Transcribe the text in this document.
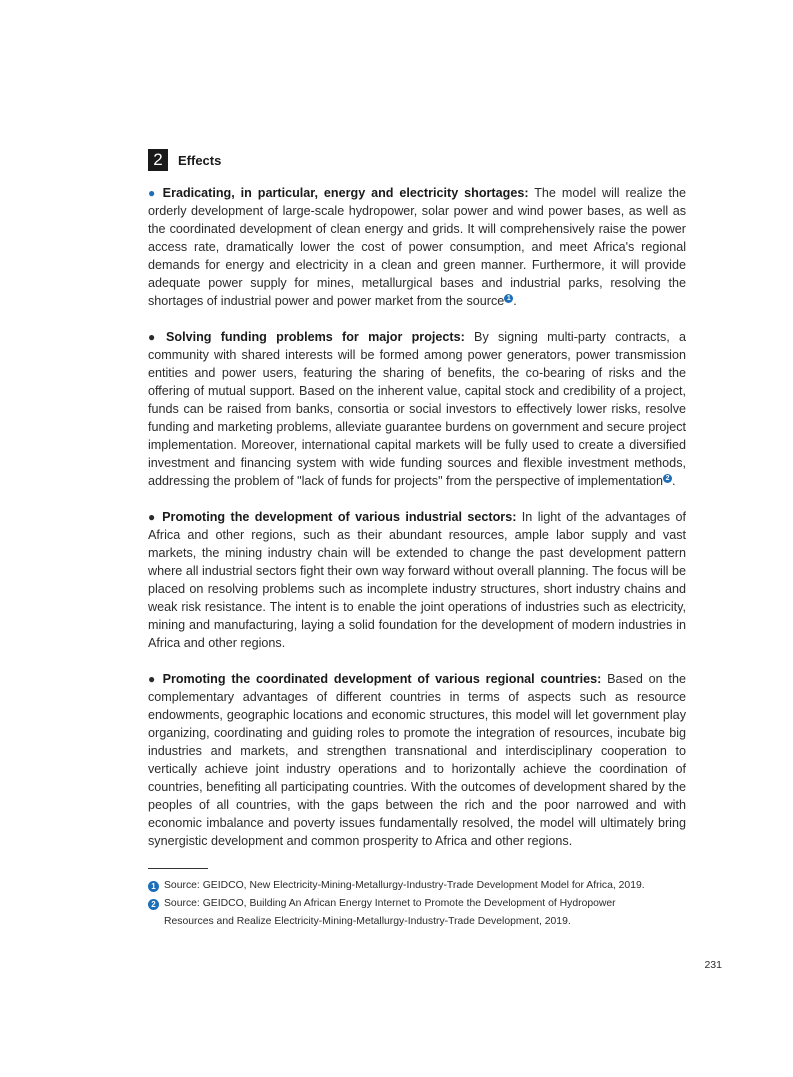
2	Effects

● Eradicating, in particular, energy and electricity shortages: The model will realize the orderly development of large-scale hydropower, solar power and wind power bases, as well as the coordinated development of clean energy and grids. It will comprehensively raise the power access rate, dramatically lower the cost of power consumption, and meet Africa's regional demands for energy and electricity in a clean and green manner. Furthermore, it will provide adequate power supply for mines, metallurgical bases and industrial parks, resolving the shortages of industrial power and power market from the source 1 .

● Solving funding problems for major projects: By signing multi-party contracts, a community with shared interests will be formed among power generators, power transmission entities and power users, featuring the sharing of benefits, the co-bearing of risks and the offering of mutual support. Based on the inherent value, capital stock and credibility of a project, funds can be raised from banks, consortia or social investors to effectively lower risks, resolve funding and marketing problems, alleviate guarantee burdens on government and secure project implementation. Moreover, international capital markets will be fully used to create a diversified investment and financing system with wide funding sources and flexible investment methods, addressing the problem of "lack of funds for projects" from the perspective of implementation 2 .

● Promoting the development of various industrial sectors: In light of the advantages of Africa and other regions, such as their abundant resources, ample labor supply and vast markets, the mining industry chain will be extended to change the past development pattern where all industrial sectors fight their own way forward without overall planning. The focus will be placed on resolving problems such as incomplete industry structures, short industry chains and weak risk resistance. The intent is to enable the joint operations of industries such as electricity, mining and manufacturing, laying a solid foundation for the development of modern industries in Africa and other regions.

● Promoting the coordinated development of various regional countries: Based on the complementary advantages of different countries in terms of aspects such as resource endowments, geographic locations and economic structures, this model will let government play organizing, coordinating and guiding roles to promote the integration of resources, incubate big industries and markets, and strengthen transnational and interdisciplinary cooperation to vertically achieve joint industry operations and to horizontally achieve the coordination of countries, benefiting all participating countries. With the outcomes of development shared by the peoples of all countries, with the gaps between the rich and the poor narrowed and with economic imbalance and poverty issues fundamentally resolved, the model will ultimately bring synergistic development and common prosperity to Africa and other regions.

1 Source: GEIDCO, New Electricity-Mining-Metallurgy-Industry-Trade Development Model for Africa, 2019.
2 Source: GEIDCO, Building An African Energy Internet to Promote the Development of Hydropower
Resources and Realize Electricity-Mining-Metallurgy-Industry-Trade Development, 2019.
231
